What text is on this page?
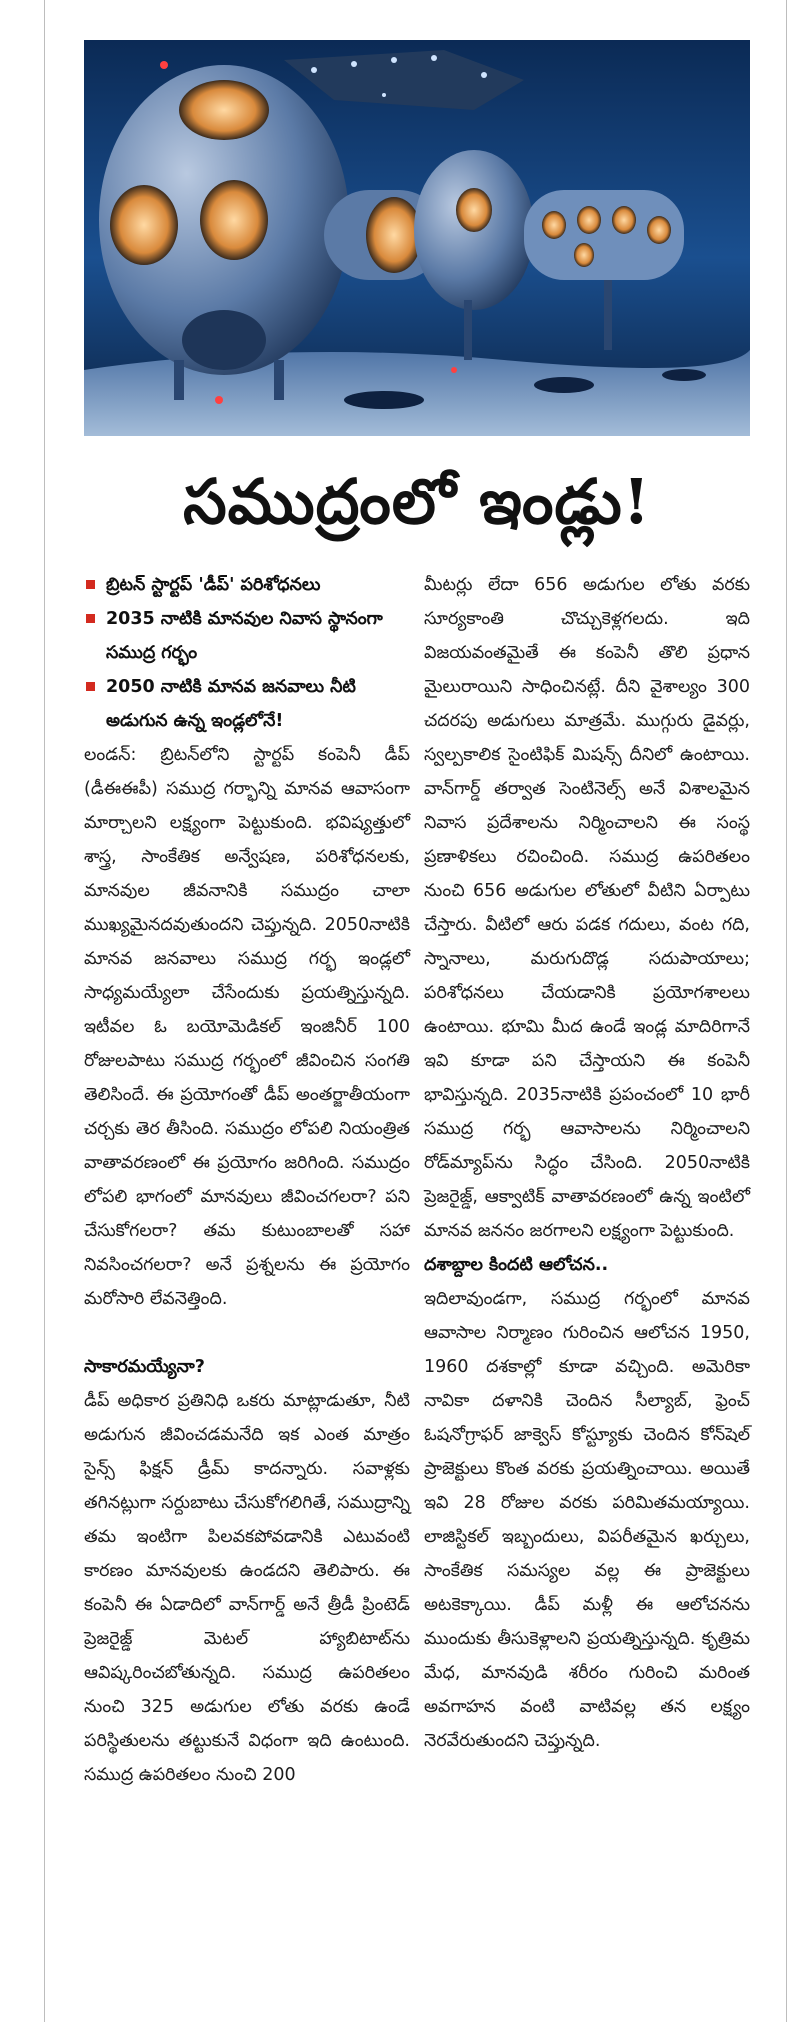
సముద్రంలో ఇండ్లు!
బ్రిటన్ స్టార్టప్ 'డీప్' పరిశోధనలు
2035 నాటికి మానవుల నివాస స్థానంగా సముద్ర గర్భం
2050 నాటికి మానవ జనవాలు నీటి అడుగున ఉన్న ఇండ్లలోనే!

లండన్: బ్రిటన్‌లోని స్టార్టప్ కంపెనీ డీప్ (డీఈఈపీ) సముద్ర గర్భాన్ని మానవ ఆవాసంగా మార్చాలని లక్ష్యంగా పెట్టుకుంది. భవిష్యత్తులో శాస్త్ర, సాంకేతిక అన్వేషణ, పరిశోధనలకు, మానవుల జీవనానికి సముద్రం చాలా ముఖ్యమైనదవుతుందని చెప్తున్నది. 2050నాటికి మానవ జనవాలు సముద్ర గర్భ ఇండ్లలో సాధ్యమయ్యేలా చేసేందుకు ప్రయత్నిస్తున్నది. ఇటీవల ఓ బయోమెడికల్ ఇంజినీర్ 100 రోజులపాటు సముద్ర గర్భంలో జీవించిన సంగతి తెలిసిందే. ఈ ప్రయోగంతో డీప్ అంతర్జాతీయంగా చర్చకు తెర తీసింది. సముద్రం లోపలి నియంత్రిత వాతావరణంలో ఈ ప్రయోగం జరిగింది. సముద్రం లోపలి భాగంలో మానవులు జీవించగలరా? పని చేసుకోగలరా? తమ కుటుంబాలతో సహా నివసించగలరా? అనే ప్రశ్నలను ఈ ప్రయోగం మరోసారి లేవనెత్తింది.

సాకారమయ్యేనా?

డీప్ అధికార ప్రతినిధి ఒకరు మాట్లాడుతూ, నీటి అడుగున జీవించడమనేది ఇక ఎంత మాత్రం సైన్స్ ఫిక్షన్ డ్రీమ్ కాదన్నారు. సవాళ్లకు తగినట్లుగా సర్దుబాటు చేసుకోగలిగితే, సముద్రాన్ని తమ ఇంటిగా పిలవకపోవడానికి ఎటువంటి కారణం మానవులకు ఉండదని తెలిపారు. ఈ కంపెనీ ఈ ఏడాదిలో వాన్‌గార్డ్ అనే త్రీడీ ప్రింటెడ్ ప్రెజరైజ్డ్ మెటల్ హ్యాబిటాట్‌ను ఆవిష్కరించబోతున్నది. సముద్ర ఉపరితలం నుంచి 325 అడుగుల లోతు వరకు ఉండే పరిస్థితులను తట్టుకునే విధంగా ఇది ఉంటుంది. సముద్ర ఉపరితలం నుంచి 200

మీటర్లు లేదా 656 అడుగుల లోతు వరకు సూర్యకాంతి చొచ్చుకెళ్లగలదు. ఇది విజయవంతమైతే ఈ కంపెనీ తొలి ప్రధాన మైలురాయిని సాధించినట్లే. దీని వైశాల్యం 300 చదరపు అడుగులు మాత్రమే. ముగ్గురు డైవర్లు, స్వల్పకాలిక సైంటిఫిక్ మిషన్స్ దీనిలో ఉంటాయి. వాన్‌గార్డ్ తర్వాత సెంటినెల్స్ అనే విశాలమైన నివాస ప్రదేశాలను నిర్మించాలని ఈ సంస్థ ప్రణాళికలు రచించింది. సముద్ర ఉపరితలం నుంచి 656 అడుగుల లోతులో వీటిని ఏర్పాటు చేస్తారు. వీటిలో ఆరు పడక గదులు, వంట గది, స్నానాలు, మరుగుదొడ్ల సదుపాయాలు; పరిశోధనలు చేయడానికి ప్రయోగశాలలు ఉంటాయి. భూమి మీద ఉండే ఇండ్ల మాదిరిగానే ఇవి కూడా పని చేస్తాయని ఈ కంపెనీ భావిస్తున్నది. 2035నాటికి ప్రపంచంలో 10 భారీ సముద్ర గర్భ ఆవాసాలను నిర్మించాలని రోడ్‌మ్యాప్‌ను సిద్ధం చేసింది. 2050నాటికి ప్రెజరైజ్డ్, ఆక్వాటిక్ వాతావరణంలో ఉన్న ఇంటిలో మానవ జననం జరగాలని లక్ష్యంగా పెట్టుకుంది.

దశాబ్దాల కిందటి ఆలోచన..

ఇదిలావుండగా, సముద్ర గర్భంలో మానవ ఆవాసాల నిర్మాణం గురించిన ఆలోచన 1950, 1960 దశకాల్లో కూడా వచ్చింది. అమెరికా నావికా దళానికి చెందిన సీల్యాబ్, ఫ్రెంచ్ ఓషనోగ్రాఫర్ జాక్వెస్ కోస్ట్యూకు చెందిన కోన్‌షెల్ ప్రాజెక్టులు కొంత వరకు ప్రయత్నించాయి. అయితే ఇవి 28 రోజుల వరకు పరిమితమయ్యాయి. లాజిస్టికల్ ఇబ్బందులు, విపరీతమైన ఖర్చులు, సాంకేతిక సమస్యల వల్ల ఈ ప్రాజెక్టులు అటకెక్కాయి. డీప్ మళ్లీ ఈ ఆలోచనను ముందుకు తీసుకెళ్లాలని ప్రయత్నిస్తున్నది. కృత్రిమ మేధ, మానవుడి శరీరం గురించి మరింత అవగాహన వంటి వాటివల్ల తన లక్ష్యం నెరవేరుతుందని చెప్తున్నది.
